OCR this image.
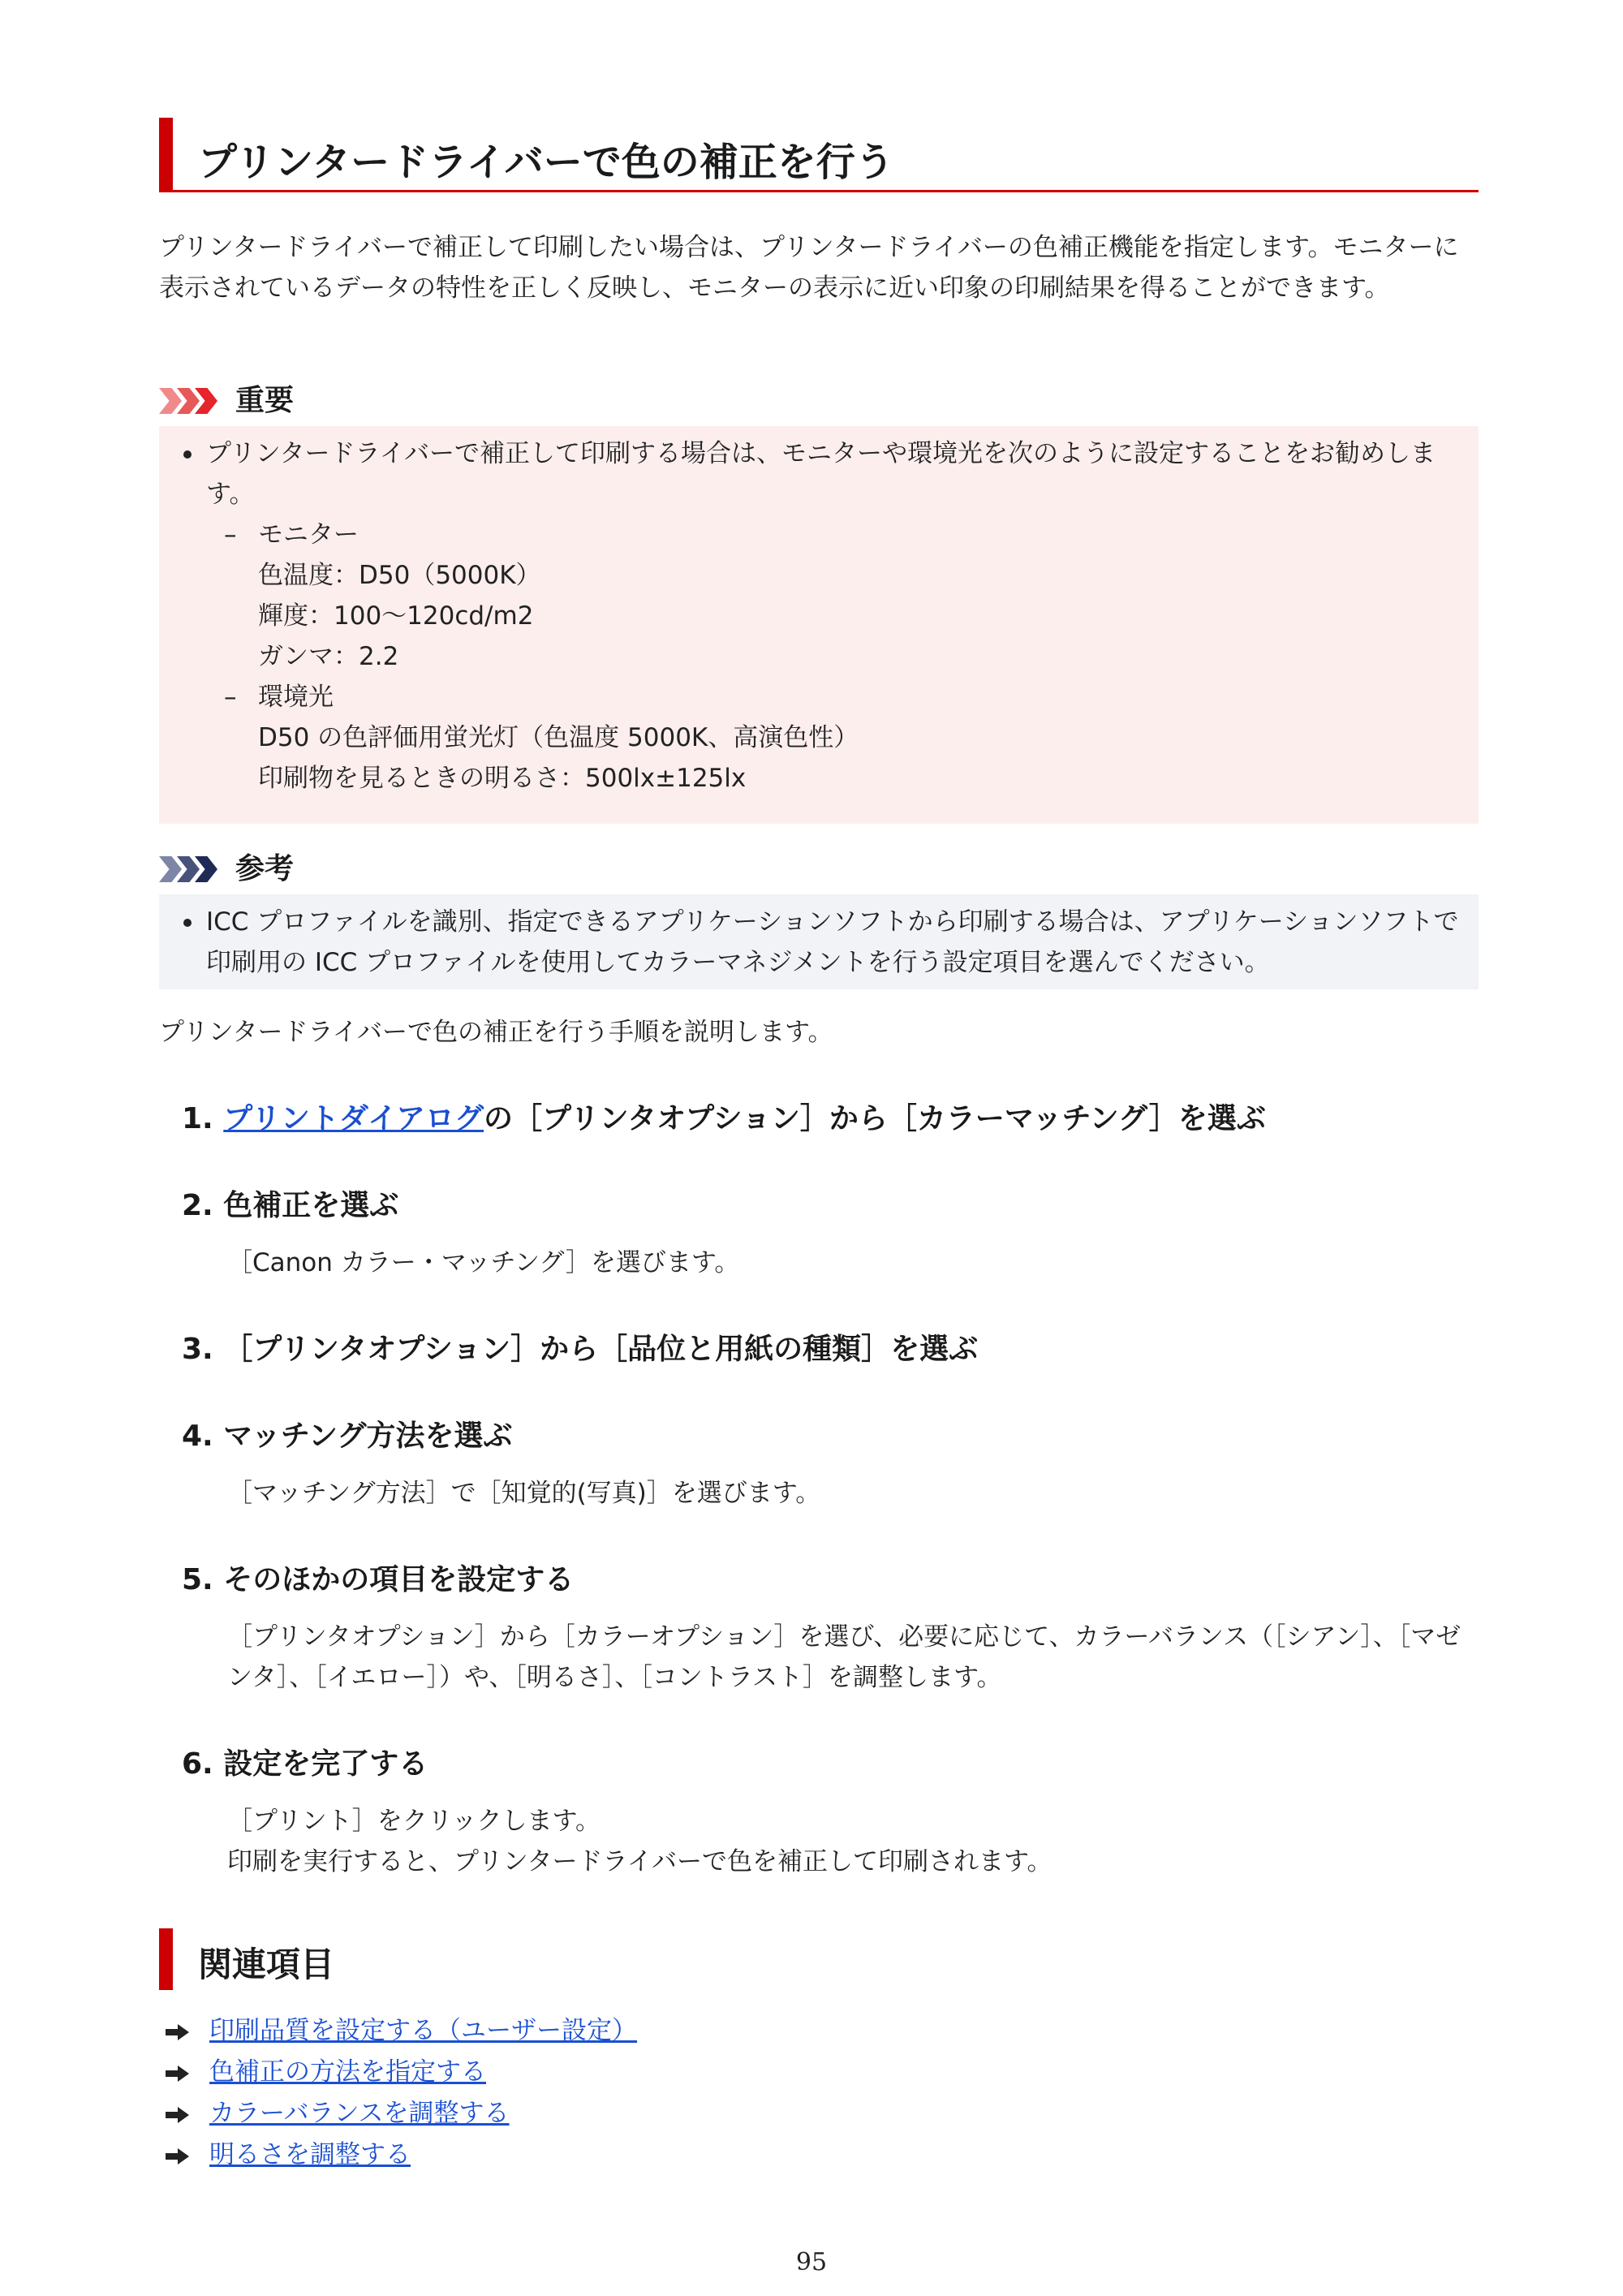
プリンタードライバーで色の補正を行う
プリンタードライバーで補正して印刷したい場合は、プリンタードライバーの色補正機能を指定します。モニターに表示されているデータの特性を正しく反映し、モニターの表示に近い印象の印刷結果を得ることができます。
重要
プリンタードライバーで補正して印刷する場合は、モニターや環境光を次のように設定することをお勧めします。
– モニター
色温度：D50（5000K）
輝度：100～120cd/m2
ガンマ：2.2
– 環境光
D50 の色評価用蛍光灯（色温度 5000K、高演色性）
印刷物を見るときの明るさ：500lx±125lx
参考
ICC プロファイルを識別、指定できるアプリケーションソフトから印刷する場合は、アプリケーションソフトで印刷用の ICC プロファイルを使用してカラーマネジメントを行う設定項目を選んでください。
プリンタードライバーで色の補正を行う手順を説明します。
1. プリントダイアログの［プリンタオプション］から［カラーマッチング］を選ぶ
2. 色補正を選ぶ
［Canon カラー・マッチング］を選びます。
3. ［プリンタオプション］から［品位と用紙の種類］を選ぶ
4. マッチング方法を選ぶ
［マッチング方法］で［知覚的(写真)］を選びます。
5. そのほかの項目を設定する
［プリンタオプション］から［カラーオプション］を選び、必要に応じて、カラーバランス（［シアン］、［マゼンタ］、［イエロー］）や、［明るさ］、［コントラスト］を調整します。
6. 設定を完了する
［プリント］をクリックします。
印刷を実行すると、プリンタードライバーで色を補正して印刷されます。
関連項目
印刷品質を設定する（ユーザー設定）
色補正の方法を指定する
カラーバランスを調整する
明るさを調整する
95
